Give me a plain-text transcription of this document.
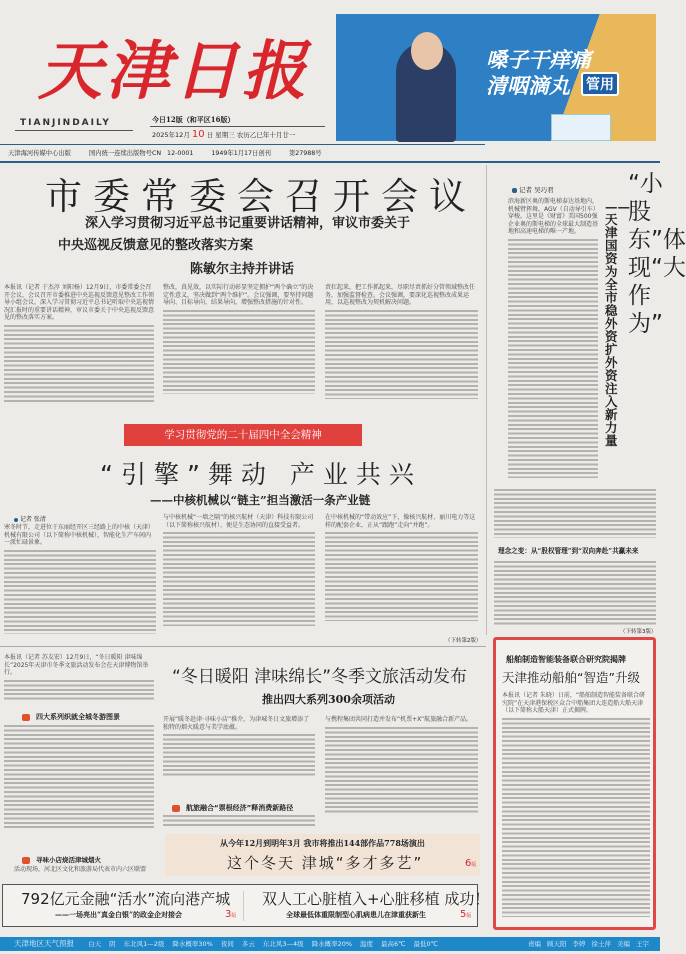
天津日报
TIANJINDAILY	今日12版（和平区16版）
2025年12月 10 日 星期三 农历乙巳年十月廿一
嗓子干痒痛
清咽滴丸	管用
天津海河传媒中心出版	国内统一连续出版物号CN 12-0001	1949年1月17日创刊	第27988号
市委常委会召开会议
深入学习贯彻习近平总书记重要讲话精神，审议市委关于
中央巡视反馈意见的整改落实方案
陈敏尔主持并讲话
本报讯（记者 于杰淳 刘阳杨）12月9日，市委常委会召开会议，会议召开市委推进中央巡视反馈意见整改工作领导小组会议，深入学习贯彻习近平总书记听取中央巡视情况汇报时的重要讲话精神，审议市委关于中央巡视反馈意见的整改落实方案。
整改，真见效，以实际行动彰显坚定拥护“两个确立”的决定性意义，坚决做到“两个维护”。会议强调，要坚持问题导向、目标导向、结果导向，增强整改措施的针对性。
责扛起来，把工作抓起来，尽职尽责抓好分管领域整改任务，加强监督检查。会议强调，要深化巡视整改成果运用，以巡视整改为契机解决问题。
记者 吴巧君	“小股东”体现“大作为”
——天津国资为全市稳外资扩外资注入新力量
滨海新区奥的斯电梯泰达基地内，机械臂挥舞，AGV（自动导引车）穿梭。这里是《财富》美国500强企业奥的斯电梯的全球最大制造基地和高速电梯的唯一产地。
理念之变：从“股权管理”到“双向奔赴”共赢未来
（下转第3版）
学习贯彻党的二十届四中全会精神
“引擎”舞动 产业共兴
——中核机械以“链主”担当激活一条产业链
记者 张清
寒冬时节，走进位于东丽经开区三经路上的中核（天津）机械有限公司（以下简称中核机械），智能化生产车间内一派忙碌景象。
与中核机械“一墙之隔”的核兴航材（天津）科技有限公司（以下简称核兴航材），便是生态协同的直接受益者。
在中核机械的“带动效应”下，像核兴航材、丽川电力等这样的配套企业，正从“跟跑”走向“并跑”。
（下转第2版）
本报讯（记者 苏友宏）12月9日，“冬日暖阳 津味绵长”2025年天津市冬季文旅活动发布会在天津博物馆举行。	“冬日暖阳 津味绵长”冬季文旅活动发布
推出四大系列300余项活动
四大系列织就全城冬游图景
寻味小店烧活津城烟火
活动现场，河北区文化和旅游局代表市内六区联盟
开展“暖冬赴津·寻味小店”推介，为津城冬日文旅增添了独特的烟火暖意与美学底蕴。
航旅融合“票根经济”释消费新路径
与携程集团共同打造并发布“机票+X”航旅融合新产品。
从今年12月到明年3月 我市将推出144部作品778场演出
这个冬天 津城“多才多艺”	6版
792亿元金融“活水”流向港产城
——一场亮出“真金白银”的政金企对接会	3版
双人工心脏植入+心脏移植 成功！
全球最低体重限制型心肌病患儿在津重获新生	5版
船舶制造智能装备联合研究院揭牌
天津推动船舶“智造”升级
本报讯（记者 朱晓）日前，“船舶制造智能装备联合研究院”在天津港保税区众合中船集团大连造船大船天津（以下简称大船天津）正式揭牌。
天津地区天气预报 白天 阴 东北风1—2级 降水概率30% 夜间 多云 东北风3—4级 降水概率20% 温度 最高6℃ 最低0℃	责编 顾天阳 李婷 徐士萍 美编 王宇
